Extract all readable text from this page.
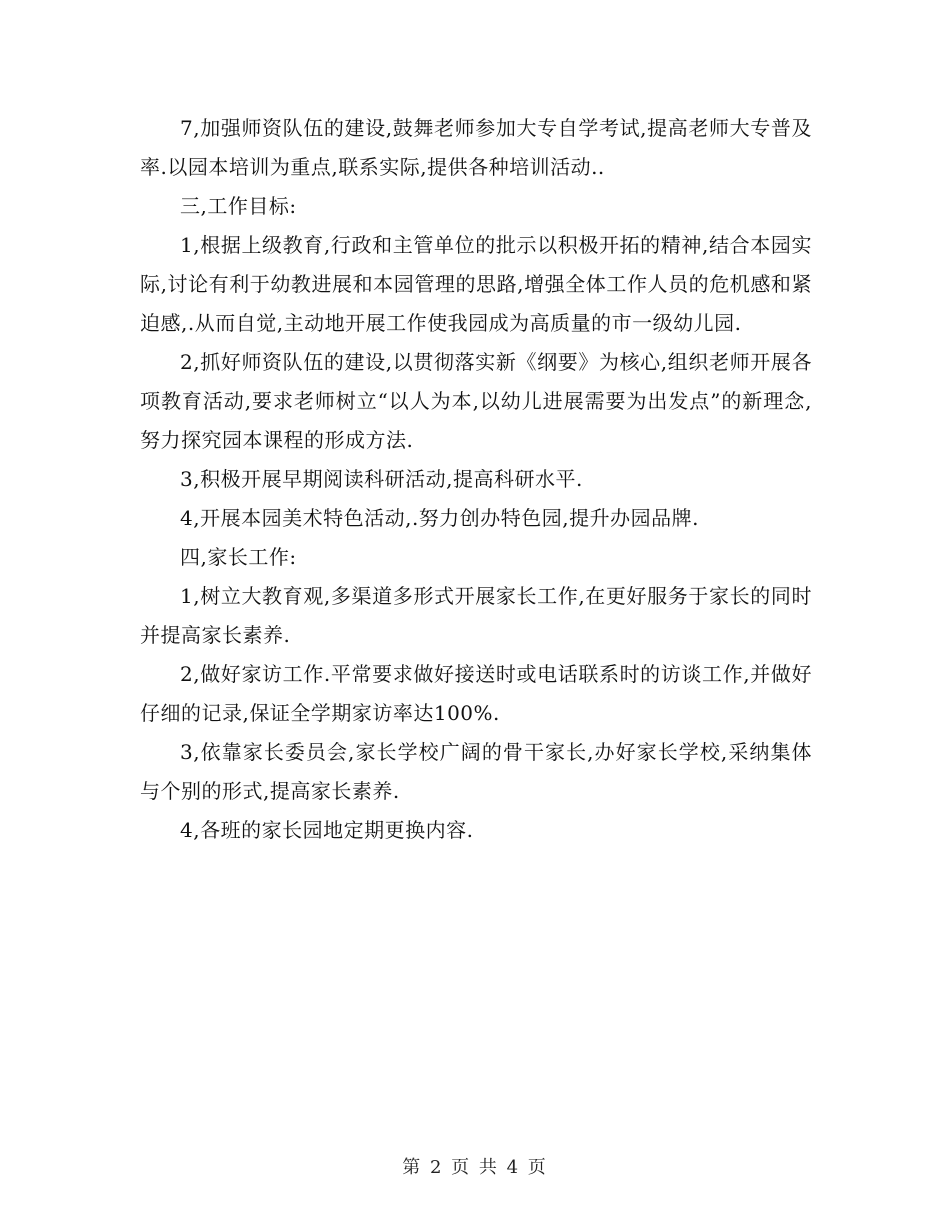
7,加强师资队伍的建设,鼓舞老师参加大专自学考试,提高老师大专普及率.以园本培训为重点,联系实际,提供各种培训活动..

三,工作目标:

1,根据上级教育,行政和主管单位的批示以积极开拓的精神,结合本园实际,讨论有利于幼教进展和本园管理的思路,增强全体工作人员的危机感和紧迫感,.从而自觉,主动地开展工作使我园成为高质量的市一级幼儿园.

2,抓好师资队伍的建设,以贯彻落实新《纲要》为核心,组织老师开展各项教育活动,要求老师树立“以人为本,以幼儿进展需要为出发点”的新理念,努力探究园本课程的形成方法.

3,积极开展早期阅读科研活动,提高科研水平.

4,开展本园美术特色活动,.努力创办特色园,提升办园品牌.

四,家长工作:

1,树立大教育观,多渠道多形式开展家长工作,在更好服务于家长的同时并提高家长素养.

2,做好家访工作.平常要求做好接送时或电话联系时的访谈工作,并做好仔细的记录,保证全学期家访率达100%.

3,依靠家长委员会,家长学校广阔的骨干家长,办好家长学校,采纳集体与个别的形式,提高家长素养.

4,各班的家长园地定期更换内容.

第 2 页 共 4 页
